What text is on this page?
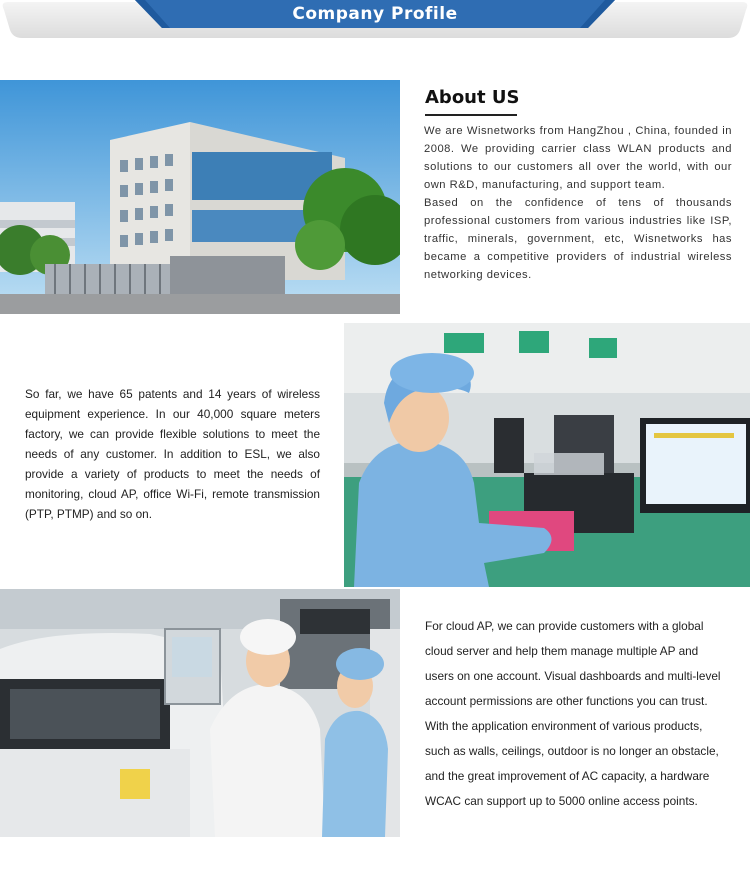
Company Profile
About US

We are Wisnetworks from HangZhou , China, founded in 2008. We providing carrier class WLAN products and solutions to our customers all over the world, with our own R&D, manufacturing, and support team.

Based on the confidence of tens of thousands professional customers from various industries like ISP, traffic, minerals, government, etc, Wisnetworks has became a competitive providers of industrial wireless networking devices.

So far, we have 65 patents and 14 years of wireless equipment experience. In our 40,000 square meters factory, we can provide flexible solutions to meet the needs of any customer. In addition to ESL, we also provide a variety of products to meet the needs of monitoring, cloud AP, office Wi-Fi, remote transmission (PTP, PTMP) and so on.
For cloud AP, we can provide customers with a global cloud server and help them manage multiple AP and users on one account. Visual dashboards and multi-level account permissions are other functions you can trust. With the application environment of various products, such as walls, ceilings, outdoor is no longer an obstacle, and the great improvement of AC capacity, a hardware WCAC can support up to 5000 online access points.
